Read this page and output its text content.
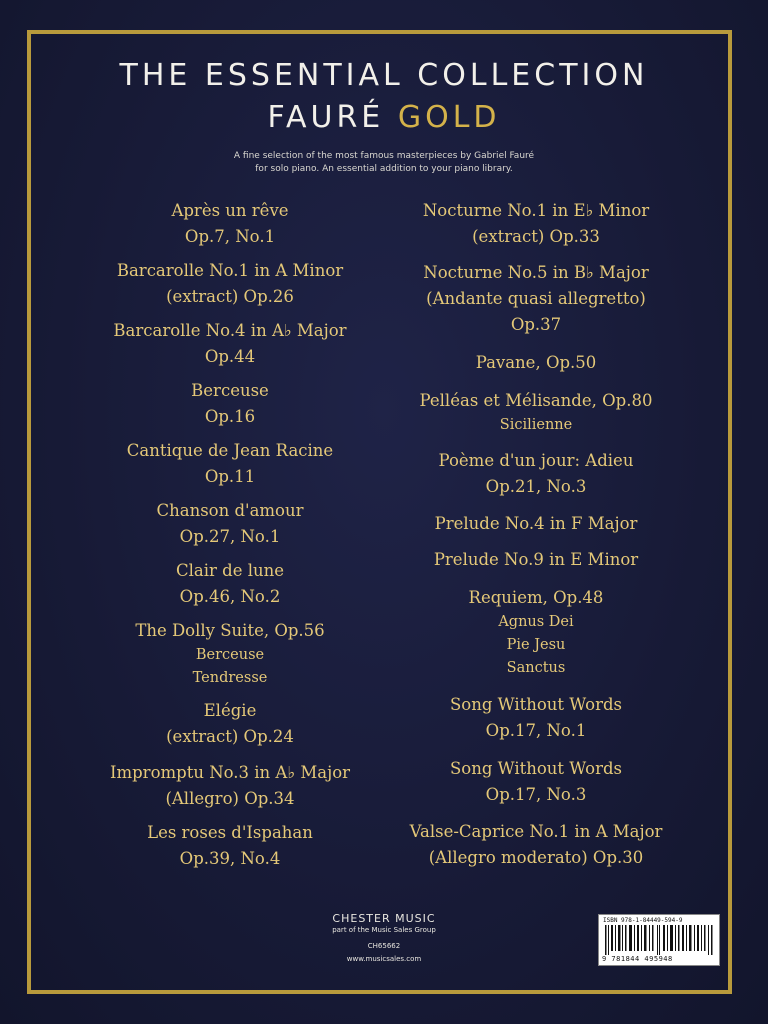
THE ESSENTIAL COLLECTION
FAURÉ GOLD
A fine selection of the most famous masterpieces by Gabriel Fauré
for solo piano. An essential addition to your piano library.
Après un rêve
Op.7, No.1
Barcarolle No.1 in A Minor
(extract) Op.26
Barcarolle No.4 in A♭ Major
Op.44
Berceuse
Op.16
Cantique de Jean Racine
Op.11
Chanson d'amour
Op.27, No.1
Clair de lune
Op.46, No.2
The Dolly Suite, Op.56
Berceuse
Tendresse
Elégie
(extract) Op.24
Impromptu No.3 in A♭ Major
(Allegro) Op.34
Les roses d'Ispahan
Op.39, No.4
Nocturne No.1 in E♭ Minor
(extract) Op.33
Nocturne No.5 in B♭ Major
(Andante quasi allegretto)
Op.37
Pavane, Op.50
Pelléas et Mélisande, Op.80
Sicilienne
Poème d'un jour: Adieu
Op.21, No.3
Prelude No.4 in F Major
Prelude No.9 in E Minor
Requiem, Op.48
Agnus Dei
Pie Jesu
Sanctus
Song Without Words
Op.17, No.1
Song Without Words
Op.17, No.3
Valse-Caprice No.1 in A Major
(Allegro moderato) Op.30
CHESTER MUSIC
part of the Music Sales Group
CH65662
www.musicsales.com
ISBN 978-1-84449-594-9
9 781844 495948
